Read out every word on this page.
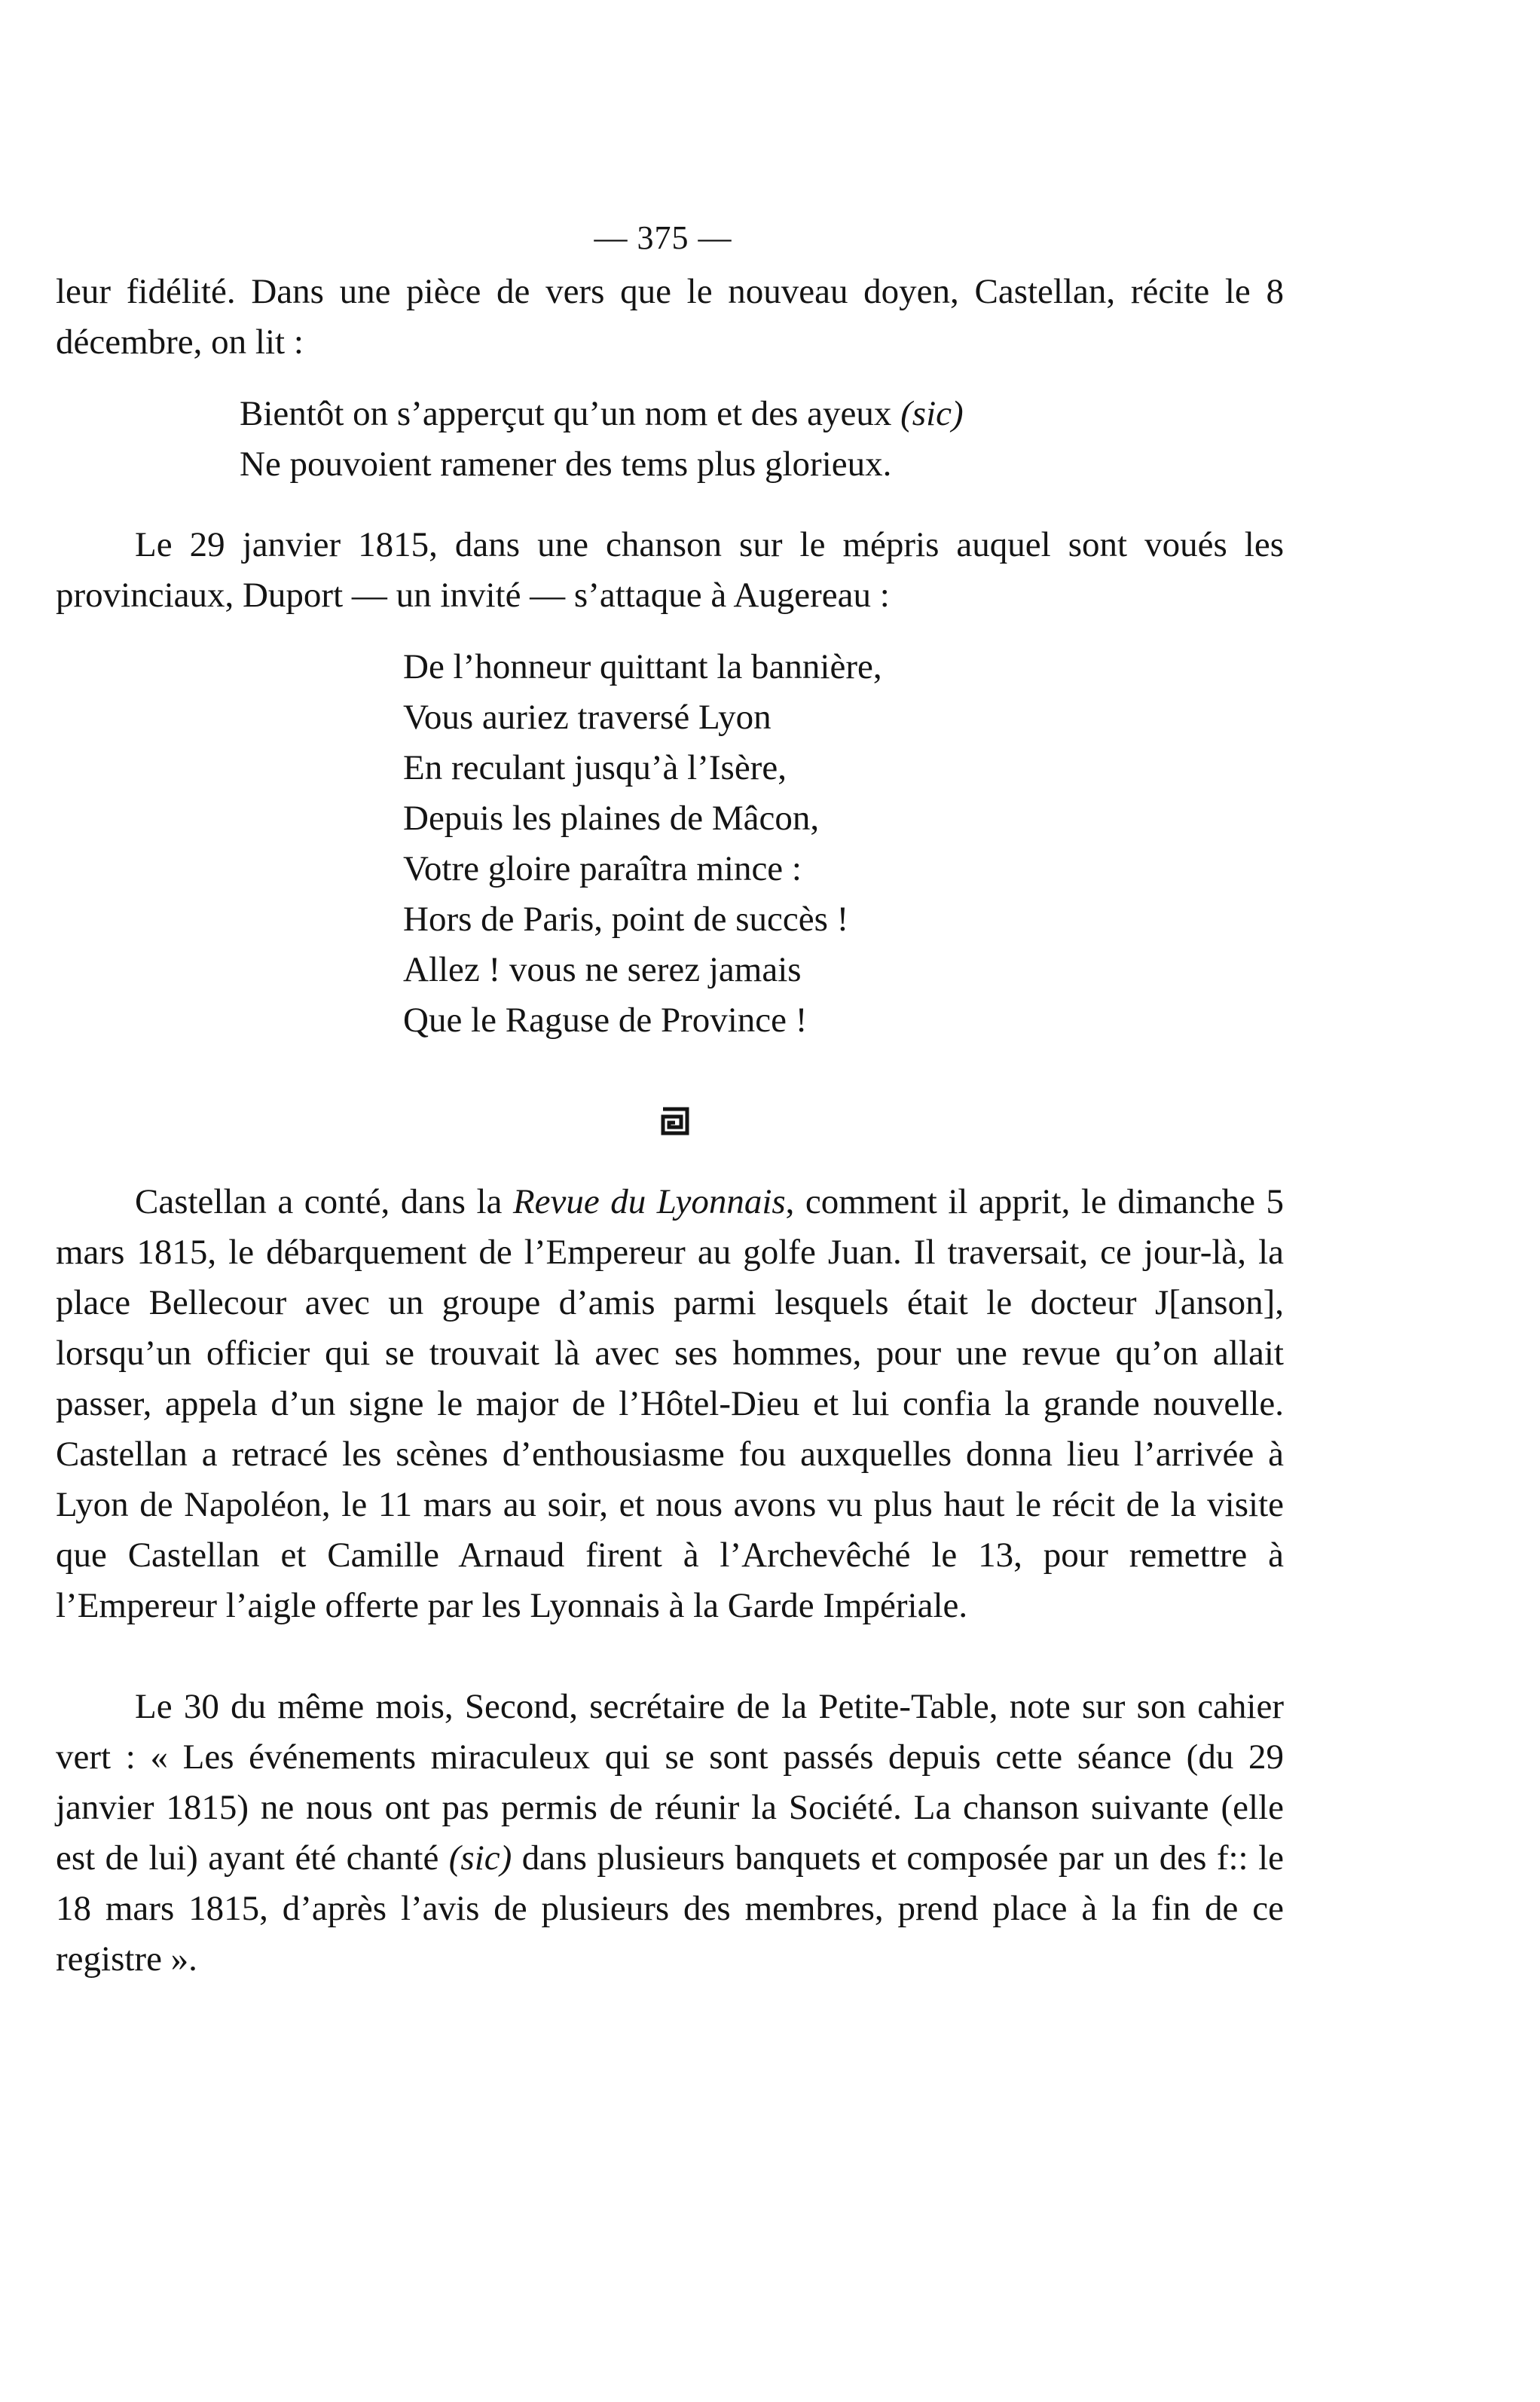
— 375 —

leur fidélité. Dans une pièce de vers que le nouveau doyen, Castellan, récite le 8 décembre, on lit :

Bientôt on s’apperçut qu’un nom et des ayeux (sic)
Ne pouvoient ramener des tems plus glorieux.

Le 29 janvier 1815, dans une chanson sur le mépris auquel sont voués les provinciaux, Duport — un invité — s’attaque à Augereau :

De l’honneur quittant la bannière,
Vous auriez traversé Lyon
En reculant jusqu’à l’Isère,
Depuis les plaines de Mâcon,
Votre gloire paraîtra mince :
Hors de Paris, point de succès !
Allez ! vous ne serez jamais
Que le Raguse de Province !

Castellan a conté, dans la Revue du Lyonnais, comment il apprit, le dimanche 5 mars 1815, le débarquement de l’Empereur au golfe Juan. Il traversait, ce jour-là, la place Bellecour avec un groupe d’amis parmi lesquels était le docteur J[anson], lorsqu’un officier qui se trouvait là avec ses hommes, pour une revue qu’on allait passer, appela d’un signe le major de l’Hôtel-Dieu et lui confia la grande nouvelle. Castellan a retracé les scènes d’enthousiasme fou auxquelles donna lieu l’arrivée à Lyon de Napoléon, le 11 mars au soir, et nous avons vu plus haut le récit de la visite que Castellan et Camille Arnaud firent à l’Archevêché le 13, pour remettre à l’Empereur l’aigle offerte par les Lyonnais à la Garde Impériale.

Le 30 du même mois, Second, secrétaire de la Petite-Table, note sur son cahier vert : « Les événements miraculeux qui se sont passés depuis cette séance (du 29 janvier 1815) ne nous ont pas permis de réunir la Société. La chanson suivante (elle est de lui) ayant été chanté (sic) dans plusieurs banquets et composée par un des f:: le 18 mars 1815, d’après l’avis de plusieurs des membres, prend place à la fin de ce registre ».
